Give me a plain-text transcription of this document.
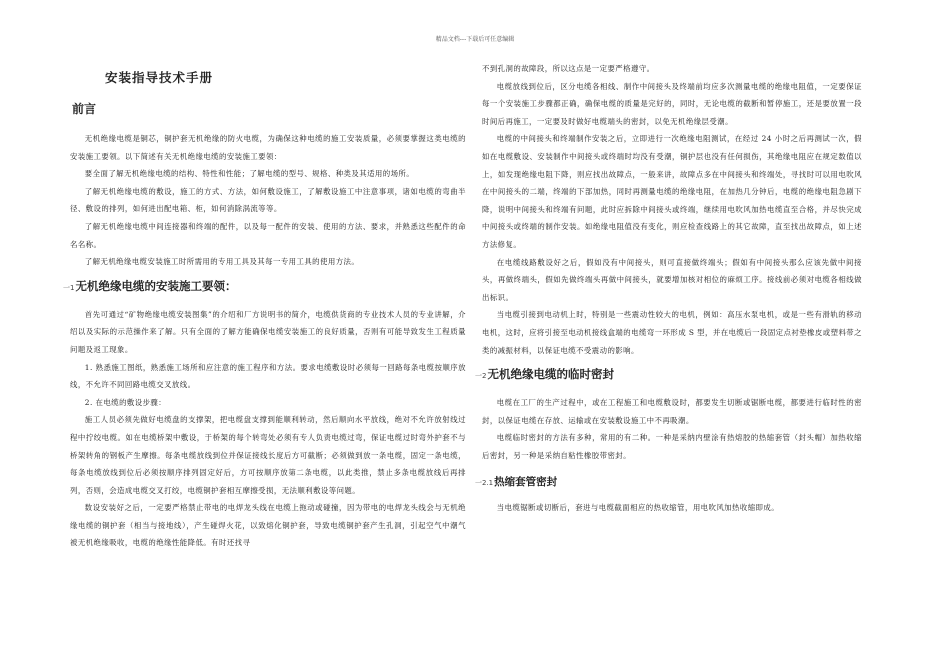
精品文档---下载后可任意编辑
安装指导技术手册
前言

无机绝缘电缆是铜芯，铜护套无机绝缘的防火电缆，为确保这种电缆的施工安装质量，必须要掌握这类电缆的安装施工要领。以下简述有关无机绝缘电缆的安装施工要领：

要全面了解无机绝缘电缆的结构、特性和性能；了解电缆的型号、规格、种类及其适用的场所。

了解无机绝缘电缆的敷设，施工的方式、方法，如何敷设施工，了解敷设施工中注意事项，诸如电缆的弯曲半径、敷设的排列，如何进出配电箱、柜，如何消除涡流等等。

了解无机绝缘电缆中间连接器和终端的配件，以及每一配件的安装、使用的方法、要求，并熟悉这些配件的命名名称。

了解无机绝缘电缆安装施工时所需用的专用工具及其每一专用工具的使用方法。

一1无机绝缘电缆的安装施工要领：

首先可通过“矿物绝缘电缆安装图集”的介绍和厂方说明书的简介，电缆供货商的专业技术人员的专业讲解，介绍以及实际的示范操作来了解。只有全面的了解方能确保电缆安装施工的良好质量，否则有可能导致发生工程质量问题及返工现象。

1. 熟悉施工图纸，熟悉施工场所和应注意的施工程序和方法。要求电缆敷设时必须每一回路每条电缆按顺序放线，不允许不同回路电缆交叉放线。

2. 在电缆的敷设步骤：

施工人员必须先做好电缆盘的支撑架，把电缆盘支撑到能顺利转动，然后顺向水平放线，绝对不允许放射线过程中拧绞电缆。如在电缆桥架中敷设，于桥架的每个转弯处必须有专人负责电缆过弯，保证电缆过时弯外护套不与桥架转角的钢板产生摩擦。每条电缆放线到位并保证接线长度后方可截断；必须做到放一条电缆，固定一条电缆，每条电缆放线到位后必须按顺序排列固定好后，方可按顺序放第二条电缆，以此类推，禁止多条电缆放线后再排列，否则，会造成电缆交叉打绞，电缆铜护套相互摩擦受损，无法顺利敷设等问题。

数设安装好之后，一定要严格禁止带电的电焊龙头线在电缆上拖动或碰撞，因为带电的电焊龙头线会与无机绝缘电缆的铜护套（相当与接地线），产生碰焊火花，以致熔化铜护套，导致电缆铜护套产生孔洞，引起空气中潮气被无机绝缘吸收，电缆的绝缘性能降低。有时还找寻

不到孔洞的故障段，所以这点是一定要严格遵守。

电缆放线到位后，区分电缆各相线、制作中间接头及终端前均应多次测量电缆的绝缘电阻值，一定要保证每一个安装施工步骤都正确，确保电缆的质量是完好的，同时，无论电缆的截断和暂停施工，还是要放置一段时间后再施工，一定要及时做好电缆端头的密封，以免无机绝缘层受潮。

电缆的中间接头和终端制作安装之后，立即进行一次绝缘电阻测试，在经过 24 小时之后再测试一次，假如在电缆敷设、安装制作中间接头或终端时均没有受潮，铜护层也没有任何损伤，其绝缘电阻应在规定数值以上，如发现绝缘电阻下降，则应找出故障点，一般来讲，故障点多在中间接头和终端处，寻找时可以用电吹风在中间接头的二端，终端的下部加热，同时再测量电缆的绝缘电阻，在加热几分钟后，电缆的绝缘电阻急剧下降，说明中间接头和终端有问题，此时应拆除中间接头或终端，继续用电吹风加热电缆直至合格，并尽快完成中间接头或终端的制作安装。如绝缘电阻值没有变化，则应检查线路上的其它故障，直至找出故障点，如上述方法修复。

在电缆线路敷设好之后，假如没有中间接头，则可直接做终端头；假如有中间接头那么应该先做中间接头，再做终端头，假如先做终端头再做中间接头，就要增加核对相位的麻烦工序。接线前必须对电缆各相线做出标识。

当电缆引接到电动机上时，特别是一些震动性较大的电机，例如：高压水泵电机，或是一些有滑轨的移动电机，这时，应将引接至电动机接线盒端的电缆弯一环形成 S 型，并在电缆后一段固定点衬垫橡皮或塑料带之类的减振材料，以保证电缆不受震动的影响。

一2无机绝缘电缆的临时密封

电缆在工厂的生产过程中，或在工程施工和电缆敷设时，都要发生切断或锯断电缆，都要进行临时性的密封，以保证电缆在存放、运输或在安装敷设施工中不再吸潮。

电缆临时密封的方法有多种，常用的有二种。一种是采纳内壁涂有热熔胶的热缩套管（封头帽）加热收缩后密封，另一种是采纳自粘性橡胶带密封。

一2.1热缩套管密封

当电缆锯断或切断后，套进与电缆截面相应的热收缩管，用电吹风加热收缩即成。
